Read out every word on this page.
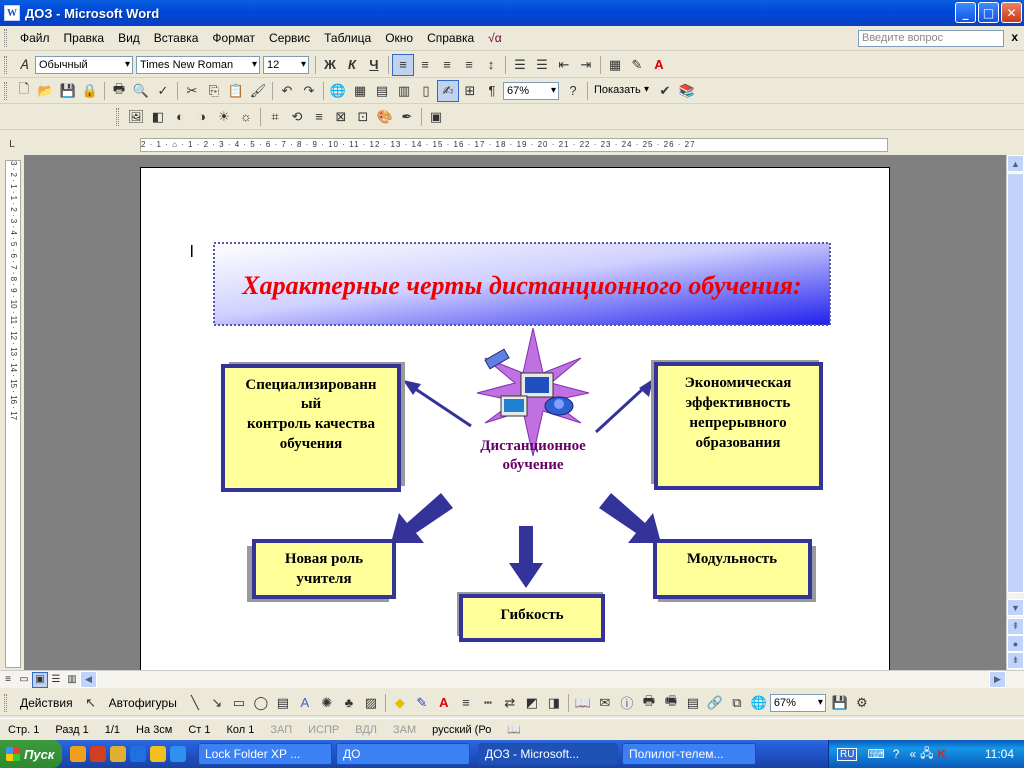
W ДОЗ - Microsoft Word	_	□	✕
Файл	Правка	Вид	Вставка	Формат	Сервис	Таблица	Окно	Справка	√α	Введите вопрос	x
𝐴 Обычный ▾	Times New Roman ▾	12 ▾	Ж К	Ч	≡	≡	≡	≡	↕	☰ ☰ ⇤ ⇥	▦ ✎ A
🗋 📂 💾 🔒	🖶 🔍 ✓	✂ ⎘ 📋 🖌	↶ ↷	🌐 ▦ ▤ ▥ ▯ ✍ ⊞	¶	67% ▾	?	Показать ▾	✔ 📚
🖼 ◧ ◐	◑ ☀ ☼	⌗ ⟲ ≡ ⊠ ⊡ 🎨 ✒	▣
L	2 · 1 · ⌂ · 1 · 2 · 3 · 4 · 5 · 6 · 7 · 8 · 9 · 10 · 11 · 12 · 13 · 14 · 15 · 16 · 17 · 18 · 19 · 20 · 21 · 22 · 23 · 24 · 25 · 26 · 27
3 · 2 · 1 · 1 · 2 · 3 · 4 · 5 · 6 · 7 · 8 · 9 · 10 · 11 · 12 · 13 · 14 · 15 · 16 · 17	Характерные черты дистанционного обучения:
Дистанционное
обучение
Специализированн
ый
контроль качества
обучения
Экономическая
эффективность
непрерывного
образования
Новая роль
учителя
Модульность
Гибкость
▲
▼
⇞
●
⇟
≡ ▭ ▣ ☰ ▥ ◀	▶
Действия ↖	Автофигуры	╲ ↘ ▭ ◯ ▤ A ✺ ♣ ▨	◆ ✎ A	≡	┅ ⇄ ◩ ◨	📖 ✉ ⓘ 🖶 🖷 ▤ 🔗 ⧉ 🌐 67% ▾	💾 ⚙
Стр. 1	Разд 1	1/1	На 3см	Ст 1	Кол 1	ЗАП	ИСПР	ВДЛ	ЗАМ	русский (Ро	📖
Пуск	Lock Folder XP ...	ДО	ДОЗ - Microsoft...	Полилог-телем...	RU ⌨ ? « 🖧 K	11:04
